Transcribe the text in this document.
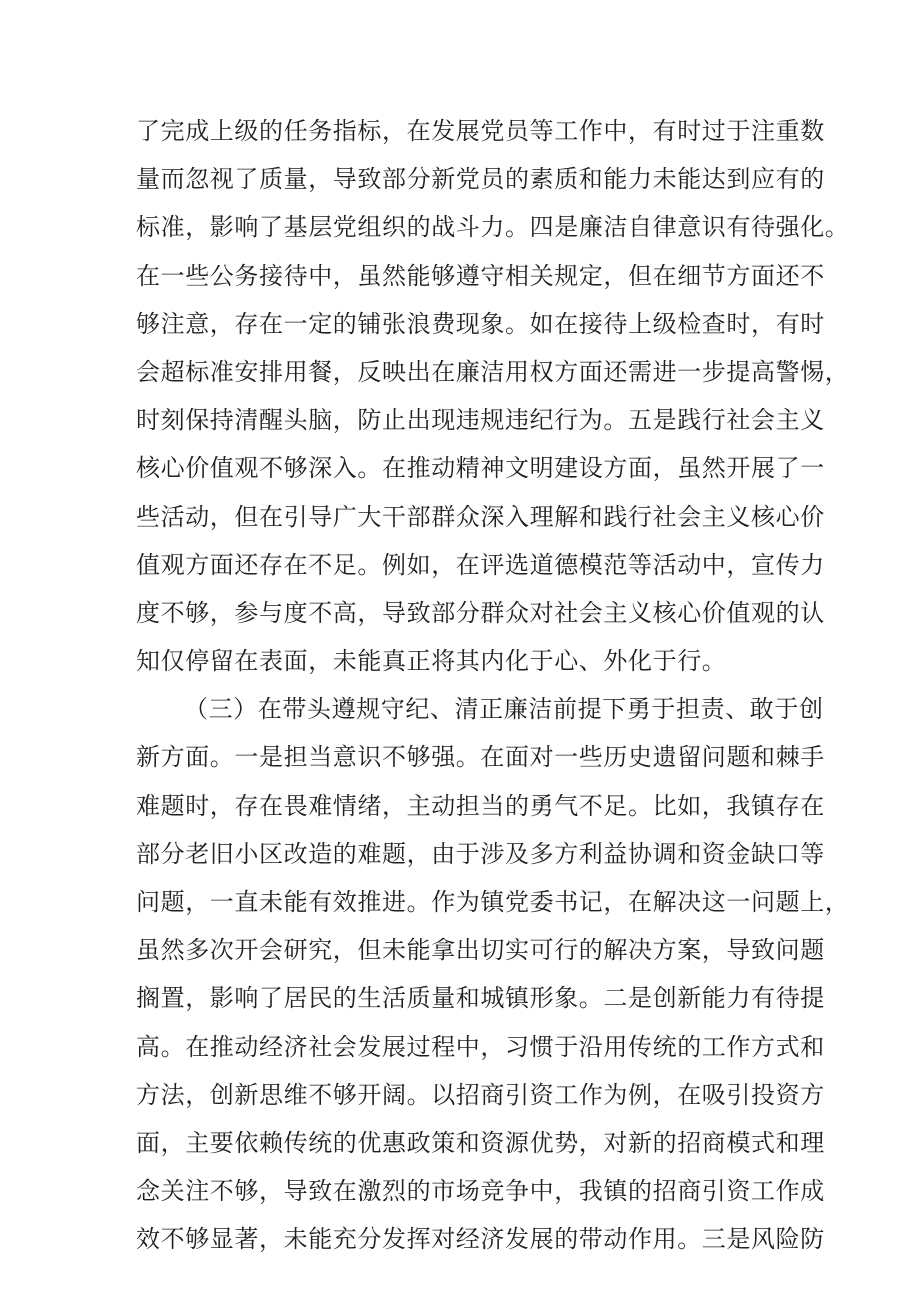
了完成上级的任务指标，在发展党员等工作中，有时过于注重数
量而忽视了质量，导致部分新党员的素质和能力未能达到应有的
标准，影响了基层党组织的战斗力。四是廉洁自律意识有待强化。
在一些公务接待中，虽然能够遵守相关规定，但在细节方面还不
够注意，存在一定的铺张浪费现象。如在接待上级检查时，有时
会超标准安排用餐，反映出在廉洁用权方面还需进一步提高警惕，
时刻保持清醒头脑，防止出现违规违纪行为。五是践行社会主义
核心价值观不够深入。在推动精神文明建设方面，虽然开展了一
些活动，但在引导广大干部群众深入理解和践行社会主义核心价
值观方面还存在不足。例如，在评选道德模范等活动中，宣传力
度不够，参与度不高，导致部分群众对社会主义核心价值观的认
知仅停留在表面，未能真正将其内化于心、外化于行。
（三）在带头遵规守纪、清正廉洁前提下勇于担责、敢于创
新方面。一是担当意识不够强。在面对一些历史遗留问题和棘手
难题时，存在畏难情绪，主动担当的勇气不足。比如，我镇存在
部分老旧小区改造的难题，由于涉及多方利益协调和资金缺口等
问题，一直未能有效推进。作为镇党委书记，在解决这一问题上，
虽然多次开会研究，但未能拿出切实可行的解决方案，导致问题
搁置，影响了居民的生活质量和城镇形象。二是创新能力有待提
高。在推动经济社会发展过程中，习惯于沿用传统的工作方式和
方法，创新思维不够开阔。以招商引资工作为例，在吸引投资方
面，主要依赖传统的优惠政策和资源优势，对新的招商模式和理
念关注不够，导致在激烈的市场竞争中，我镇的招商引资工作成
效不够显著，未能充分发挥对经济发展的带动作用。三是风险防
